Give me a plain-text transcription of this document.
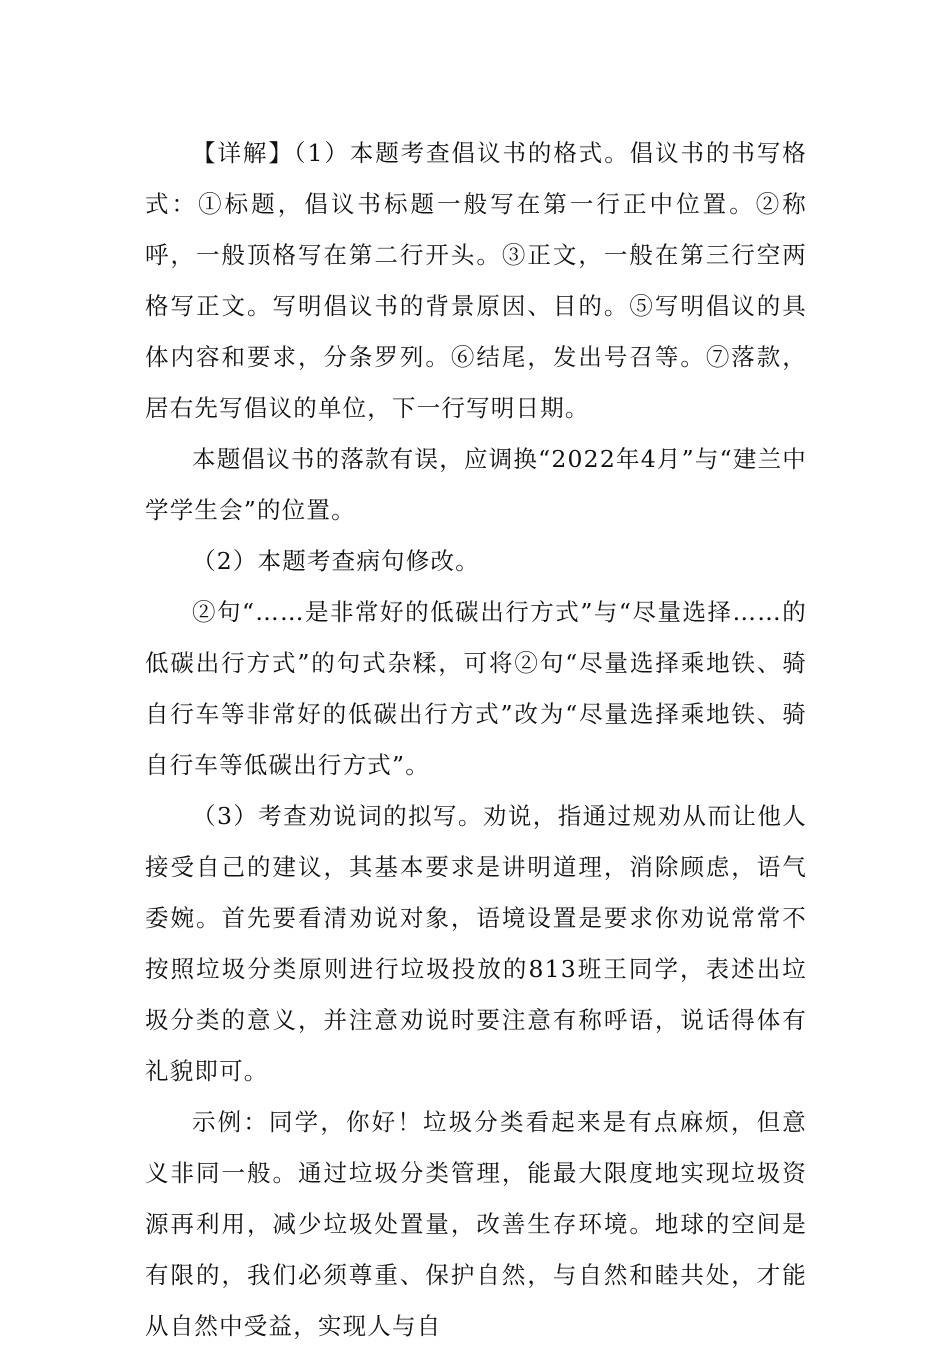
【详解】（1）本题考查倡议书的格式。倡议书的书写格式：①标题，倡议书标题一般写在第一行正中位置。②称呼，一般顶格写在第二行开头。③正文，一般在第三行空两格写正文。写明倡议书的背景原因、目的。⑤写明倡议的具体内容和要求，分条罗列。⑥结尾，发出号召等。⑦落款，居右先写倡议的单位，下一行写明日期。

本题倡议书的落款有误，应调换“2022年4月”与“建兰中学学生会”的位置。

（2）本题考查病句修改。

②句“……是非常好的低碳出行方式”与“尽量选择……的低碳出行方式”的句式杂糅，可将②句“尽量选择乘地铁、骑自行车等非常好的低碳出行方式”改为“尽量选择乘地铁、骑自行车等低碳出行方式”。

（3）考查劝说词的拟写。劝说，指通过规劝从而让他人接受自己的建议，其基本要求是讲明道理，消除顾虑，语气委婉。首先要看清劝说对象，语境设置是要求你劝说常常不按照垃圾分类原则进行垃圾投放的813班王同学，表述出垃圾分类的意义，并注意劝说时要注意有称呼语，说话得体有礼貌即可。

示例：同学，你好！垃圾分类看起来是有点麻烦，但意义非同一般。通过垃圾分类管理，能最大限度地实现垃圾资源再利用，减少垃圾处置量，改善生存环境。地球的空间是有限的，我们必须尊重、保护自然，与自然和睦共处，才能从自然中受益，实现人与自
